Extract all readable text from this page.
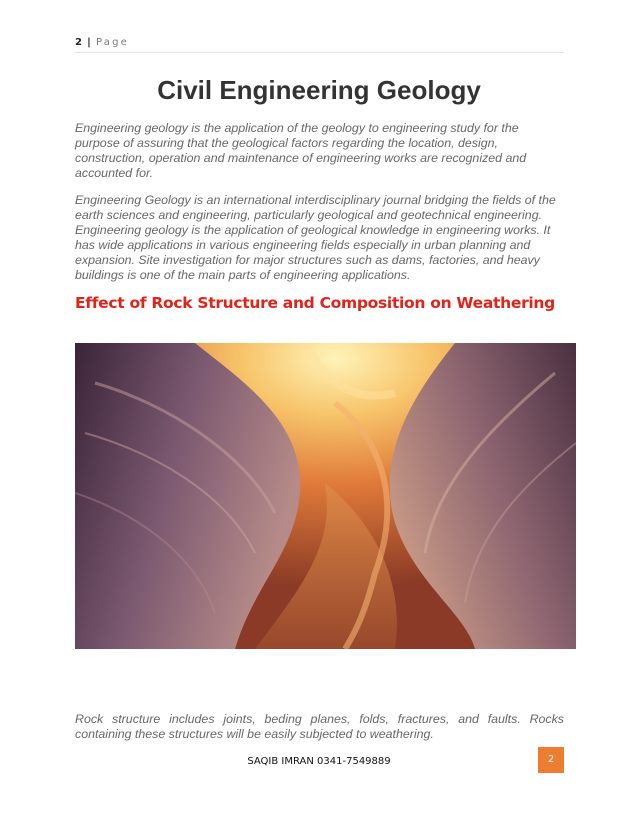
2 | Page
Civil Engineering Geology
Engineering geology is the application of the geology to engineering study for the purpose of assuring that the geological factors regarding the location, design, construction, operation and maintenance of engineering works are recognized and accounted for.
Engineering Geology is an international interdisciplinary journal bridging the fields of the earth sciences and engineering, particularly geological and geotechnical engineering. Engineering geology is the application of geological knowledge in engineering works. It has wide applications in various engineering fields especially in urban planning and expansion. Site investigation for major structures such as dams, factories, and heavy buildings is one of the main parts of engineering applications.
Effect of Rock Structure and Composition on Weathering
Rock structure includes joints, beding planes, folds, fractures, and faults. Rocks containing these structures will be easily subjected to weathering.
SAQIB IMRAN 0341-7549889	2
